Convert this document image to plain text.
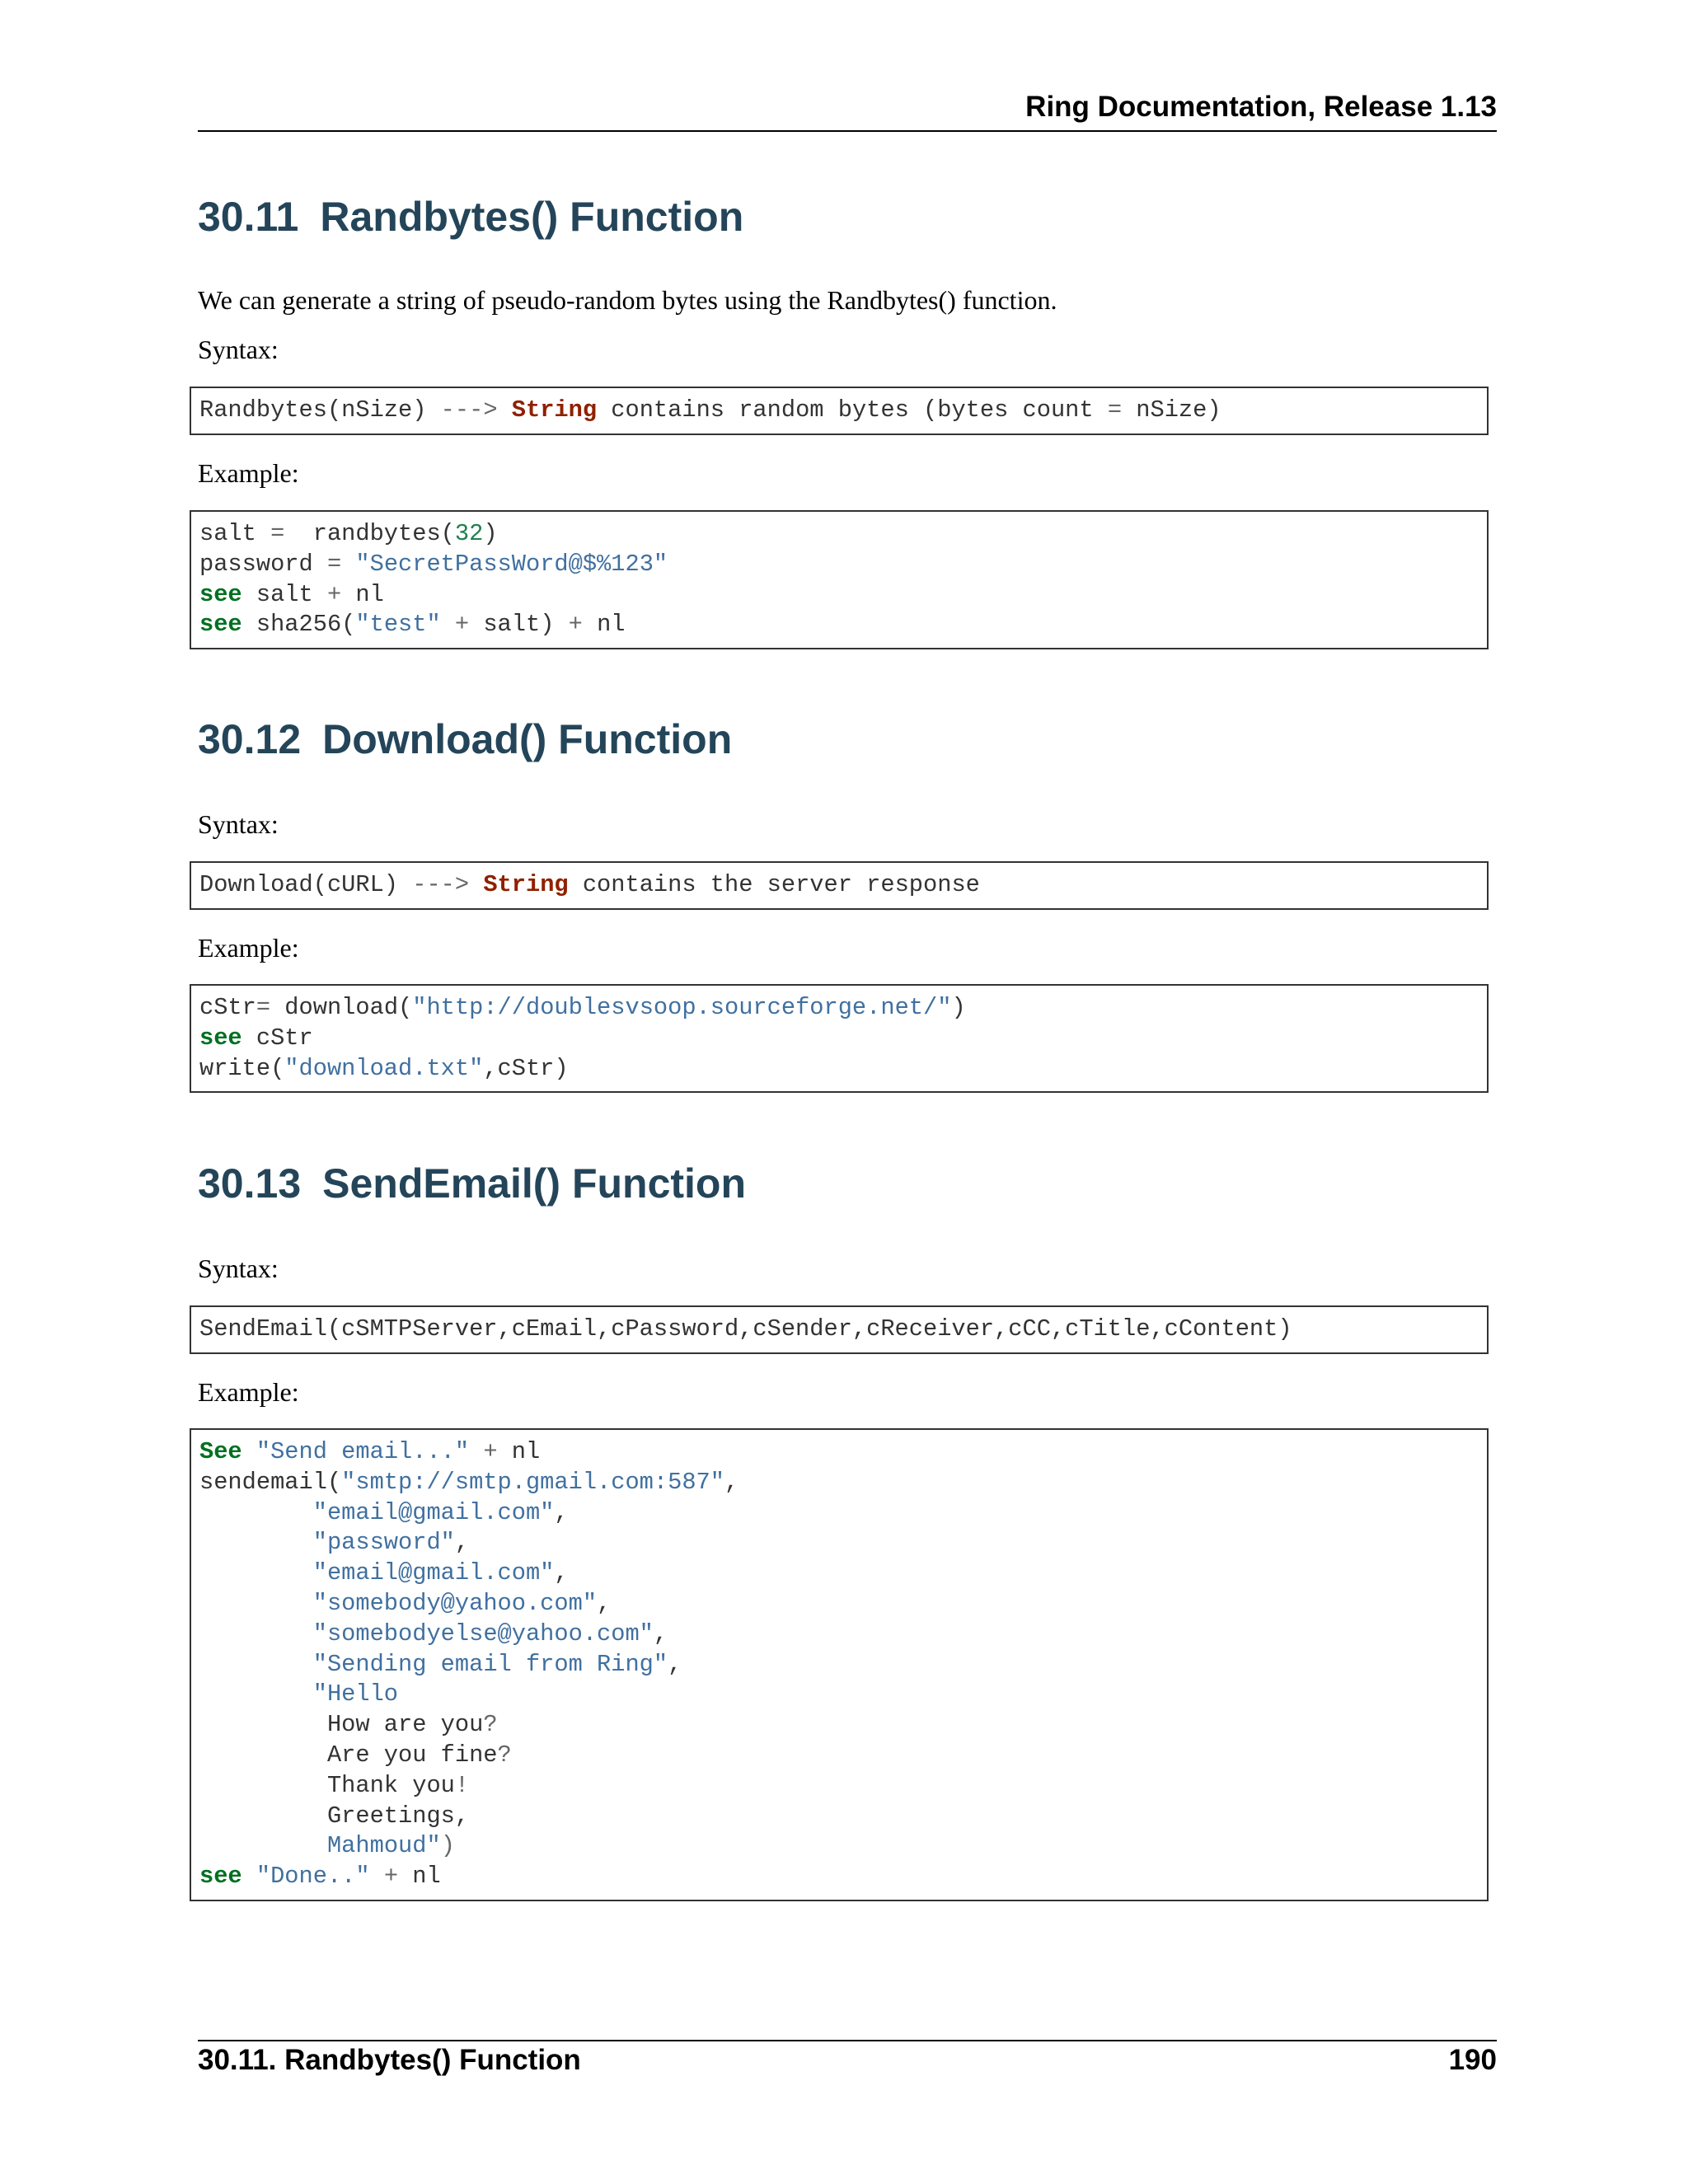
Ring Documentation, Release 1.13
30.11 Randbytes() Function

We can generate a string of pseudo-random bytes using the Randbytes() function.

Syntax:

Randbytes(nSize) ---> String contains random bytes (bytes count = nSize)

Example:

salt =  randbytes(32)
password = "SecretPassWord@$%123"
see salt + nl
see sha256("test" + salt) + nl
30.12 Download() Function

Syntax:

Download(cURL) ---> String contains the server response

Example:

cStr= download("http://doublesvsoop.sourceforge.net/")
see cStr
write("download.txt",cStr)
30.13 SendEmail() Function

Syntax:

SendEmail(cSMTPServer,cEmail,cPassword,cSender,cReceiver,cCC,cTitle,cContent)

Example:

See "Send email..." + nl
sendemail("smtp://smtp.gmail.com:587",
"email@gmail.com",
"password",
"email@gmail.com",
"somebody@yahoo.com",
"somebodyelse@yahoo.com",
"Sending email from Ring",
"Hello
How are you?
Are you fine?
Thank you!
Greetings,
Mahmoud")
see "Done.." + nl
30.11. Randbytes() Function	190
